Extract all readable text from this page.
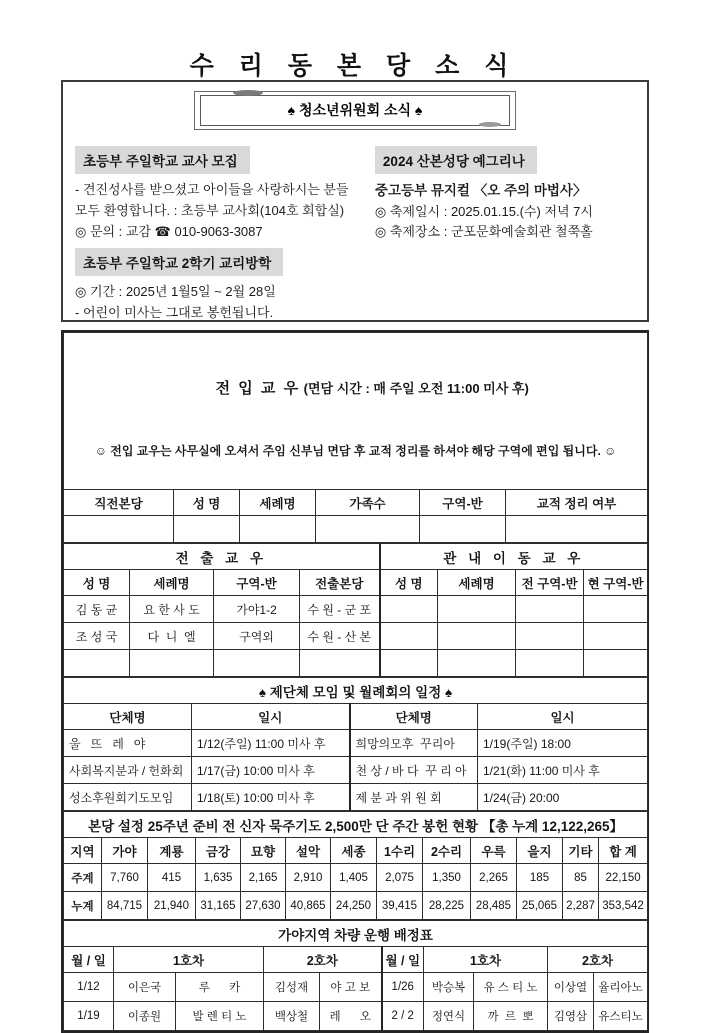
수 리 동 본 당 소 식
♠ 청소년위원회 소식 ♠
초등부 주일학교 교사 모집
- 견진성사를 받으셨고 아이들을 사랑하시는 분들
모두 환영합니다. : 초등부 교사회(104호 회합실)
◎ 문의 : 교감 ☎ 010-9063-3087
초등부 주일학교 2학기 교리방학
◎ 기간 : 2025년 1월5일 ~ 2월 28일
- 어린이 미사는 그대로 봉헌됩니다.
2024 산본성당 예그리나
중고등부 뮤지컬 〈오 주의 마법사〉
◎ 축제일시 : 2025.01.15.(수) 저녁 7시
◎ 축제장소 : 군포문화예술회관 철쭉홀

전 입 교 우 (면담 시간 : 매 주일 오전 11:00 미사 후)

☺ 전입 교우는 사무실에 오셔서 주임 신부님 면담 후 교적 정리를 하셔야 해당 구역에 편입 됩니다. ☺					

직전본당	성 명	세례명	가족수	구역-반	교적 정리 여부

전 출 교 우				관 내 이 동 교 우			
성 명	세례명	구역-반	전출본당	성 명	세례명	전 구역-반	현 구역-반
김 동 균	요 한 사 도	가야1-2	수 원 - 군 포				
조 성 국	다  니  엘	구역외	수 원 - 산 본				

♠ 제단체 모임 및 월례회의 일정 ♠			
단체명	일시	단체명	일시
울   뜨   레   야	1/12(주일) 11:00 미사 후	희망의모후  꾸리아	1/19(주일) 18:00
사회복지분과 / 헌화회	1/17(금) 10:00 미사 후	천 상 / 바 다  꾸 리 아	1/21(화) 11:00 미사 후
성소후원회기도모임	1/18(토) 10:00 미사 후	제 분 과 위 원 회	1/24(금) 20:00
본당 설정 25주년 준비 전 신자 묵주기도 2,500만 단 주간 봉헌 현황 【총 누계 12,122,265】												
지역	가야	계룡	금강	묘향	설악	세종	1수리	2수리	우륵	을지	기타	합 계
주계	7,760	415	1,635	2,165	2,910	1,405	2,075	1,350	2,265	185	85	22,150
누계	84,715	21,940	31,165	27,630	40,865	24,250	39,415	28,225	28,485	25,065	2,287	353,542
가야지역 차량 운행 배정표									
월 / 일	1호차		2호차		월 / 일	1호차		2호차	
1/12	이은국	루      카	김성재	야 고 보	1/26	박승복	유 스 티 노	이상열	율리아노
1/19	이종원	발 렌 티 노	백상철	레      오	2 / 2	정연식	까  르  뽀	김영삼	유스티노
